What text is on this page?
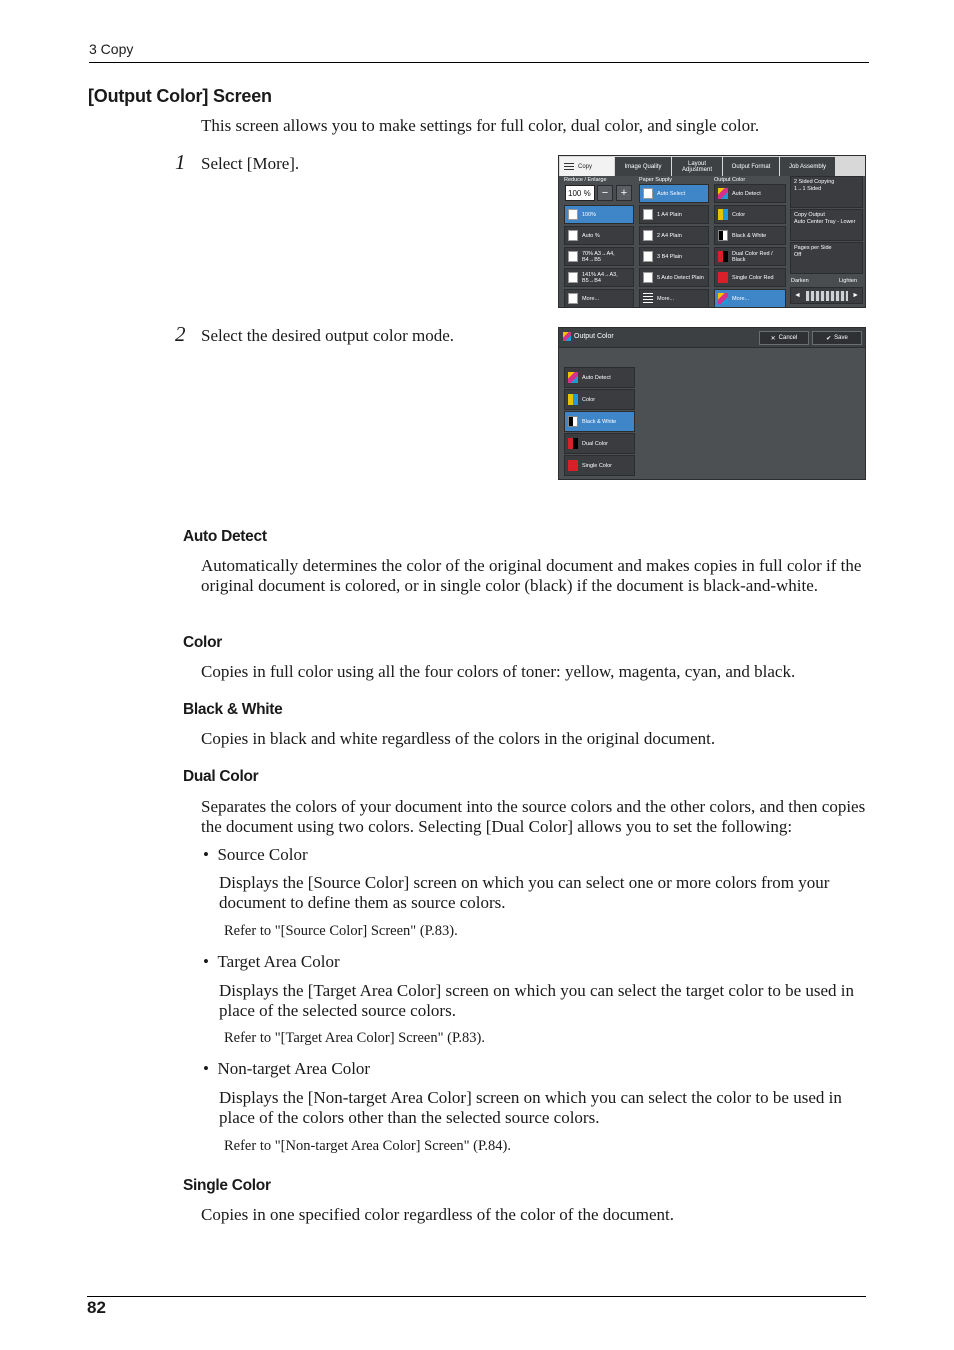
3 Copy
[Output Color] Screen
This screen allows you to make settings for full color, dual color, and single color.
1 Select [More].
2 Select the desired output color mode.
Copy	Image Quality	Layout Adjustment	Output Format	Job Assembly
Reduce / Enlarge	Paper Supply	Output Color
100 %	−	+
100%
Auto %
70% A3→A4, B4→B5
141% A4→A3, B5→B4
More...
Auto Select
1 A4 Plain
2 A4 Plain
3 B4 Plain
5 Auto Detect Plain
More...
Auto Detect
Color
Black & White
Dual Color Red / Black
Single Color Red
More...
2 Sided Copying
1→1 Sided
Copy Output
Auto Center Tray - Lower
Pages per Side
Off
Darken	Lighten
◄	►
Output Color	✕ Cancel	✔ Save
Auto Detect
Color
Black & White
Dual Color
Single Color
Auto Detect
Automatically determines the color of the original document and makes copies in full color if the original document is colored, or in single color (black) if the document is black-and-white.
Color
Copies in full color using all the four colors of toner: yellow, magenta, cyan, and black.
Black & White
Copies in black and white regardless of the colors in the original document.
Dual Color
Separates the colors of your document into the source colors and the other colors, and then copies the document using two colors. Selecting [Dual Color] allows you to set the following:
•  Source Color
Displays the [Source Color] screen on which you can select one or more colors from your document to define them as source colors.
Refer to "[Source Color] Screen" (P.83).
•  Target Area Color
Displays the [Target Area Color] screen on which you can select the target color to be used in place of the selected source colors.
Refer to "[Target Area Color] Screen" (P.83).
•  Non-target Area Color
Displays the [Non-target Area Color] screen on which you can select the color to be used in place of the colors other than the selected source colors.
Refer to "[Non-target Area Color] Screen" (P.84).
Single Color
Copies in one specified color regardless of the color of the document.
82
